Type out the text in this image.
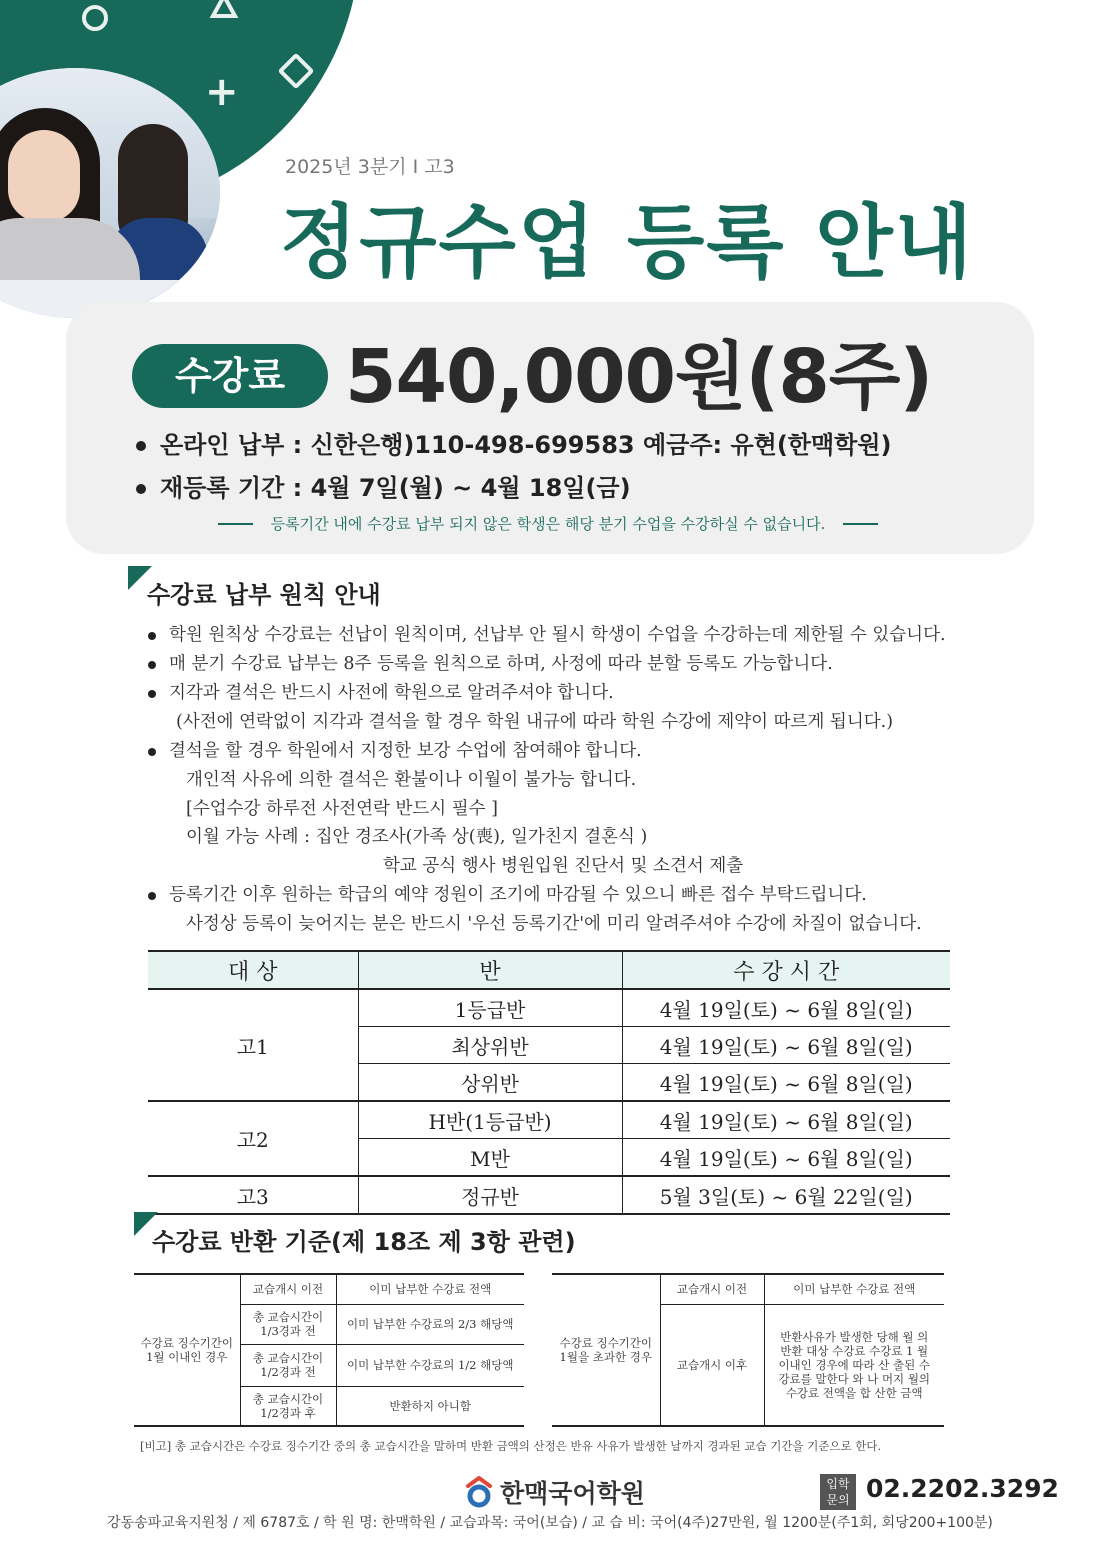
+
2025년 3분기 I 고3
정규수업 등록 안내
수강료 540,000원(8주)
온라인 납부 : 신한은행)110-498-699583 예금주: 유현(한맥학원)
재등록 기간 : 4월 7일(월) ~ 4월 18일(금)
등록기간 내에 수강료 납부 되지 않은 학생은 해당 분기 수업을 수강하실 수 없습니다.
수강료 납부 원칙 안내
학원 원칙상 수강료는 선납이 원칙이며, 선납부 안 될시 학생이 수업을 수강하는데 제한될 수 있습니다.
매 분기 수강료 납부는 8주 등록을 원칙으로 하며, 사정에 따라 분할 등록도 가능합니다.
지각과 결석은 반드시 사전에 학원으로 알려주셔야 합니다.
(사전에 연락없이 지각과 결석을 할 경우 학원 내규에 따라 학원 수강에 제약이 따르게 됩니다.)
결석을 할 경우 학원에서 지정한 보강 수업에 참여해야 합니다.
개인적 사유에 의한 결석은 환불이나 이월이 불가능 합니다.
[수업수강 하루전 사전연락 반드시 필수 ]
이월 가능 사례 : 집안 경조사(가족 상(喪), 일가친지 결혼식 )
학교 공식 행사 병원입원 진단서 및 소견서 제출
등록기간 이후 원하는 학급의 예약 정원이 조기에 마감될 수 있으니 빠른 접수 부탁드립니다.
사정상 등록이 늦어지는 분은 반드시 '우선 등록기간'에 미리 알려주셔야 수강에 차질이 없습니다.
대 상	반	수 강 시 간
고1	1등급반	4월 19일(토) ~ 6월 8일(일)
	최상위반	4월 19일(토) ~ 6월 8일(일)
	상위반	4월 19일(토) ~ 6월 8일(일)
고2	H반(1등급반)	4월 19일(토) ~ 6월 8일(일)
	M반	4월 19일(토) ~ 6월 8일(일)
고3	정규반	5월 3일(토) ~ 6월 22일(일)
수강료 반환 기준(제 18조 제 3항 관련)
수강료 징수기간이 1월 이내인 경우	교습개시 이전	이미 납부한 수강료 전액
	총 교습시간이 1/3경과 전	이미 납부한 수강료의 2/3 해당액
	총 교습시간이 1/2경과 전	이미 납부한 수강료의 1/2 해당액
	총 교습시간이 1/2경과 후	반환하지 아니함
수강료 징수기간이 1월을 초과한 경우	교습개시 이전	이미 납부한 수강료 전액
	교습개시 이후	반환사유가 발생한 당해 월 의 반환 대상 수강료 수강료 1 월 이내인 경우에 따라 산 출된 수강료를 말한다 와 나 머지 월의 수강료 전액을 합 산한 금액
[비고] 총 교습시간은 수강료 징수기간 중의 총 교습시간을 말하며 반환 금액의 산정은 반유 사유가 발생한 날까지 경과된 교습 기간을 기준으로 한다.
한맥국어학원	입학 문의 02.2202.3292
강동송파교육지원청 / 제 6787호 / 학 원 명: 한맥학원 / 교습과목: 국어(보습) / 교 습 비: 국어(4주)27만원, 월 1200분(주1회, 회당200+100분)
